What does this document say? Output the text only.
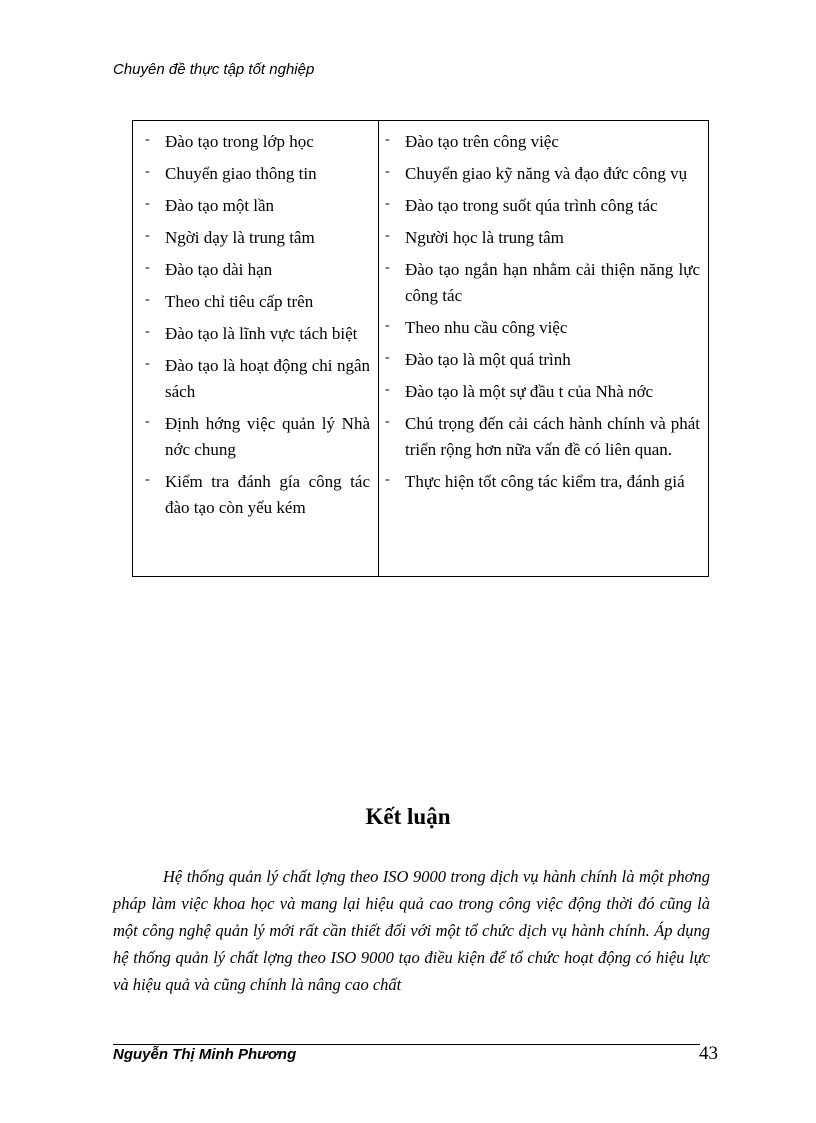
Chuyên đề thực tập tốt nghiệp
- Đào tạo trong lớp học
- Chuyển giao thông tin
- Đào tạo một lần
- Ngời dạy là trung tâm
- Đào tạo dài hạn
- Theo chỉ tiêu cấp trên
- Đào tạo là lĩnh vực tách biệt
- Đào tạo là hoạt động chi ngân sách
- Định hớng việc quản lý Nhà nớc chung
- Kiểm tra đánh gía công tác đào tạo còn yếu kém
- Đào tạo trên công việc
- Chuyển giao kỹ năng và đạo đức công vụ
- Đào tạo trong suốt qúa trình công tác
- Người học là trung tâm
- Đào tạo ngắn hạn nhằm cải thiện năng lực công tác
- Theo nhu cầu công việc
- Đào tạo là một quá trình
- Đào tạo là một sự đầu t của Nhà nớc
- Chú trọng đến cải cách hành chính và phát triển rộng hơn nữa vấn đề có liên quan.
- Thực hiện tốt công tác kiểm tra, đánh giá
Kết luận
Hệ thống quản lý chất lợng theo ISO 9000 trong dịch vụ hành chính là một phơng pháp làm việc khoa học và mang lại hiệu quả cao trong công việc động thời đó cũng là một công nghệ quản lý mới rất cần thiết đối với một tổ chức dịch vụ hành chính. Áp dụng hệ thống quản lý chất lợng theo ISO 9000 tạo điều kiện để tổ chức hoạt động có hiệu lực và hiệu quả và cũng chính là nâng cao chất
Nguyễn Thị Minh Phương	43
